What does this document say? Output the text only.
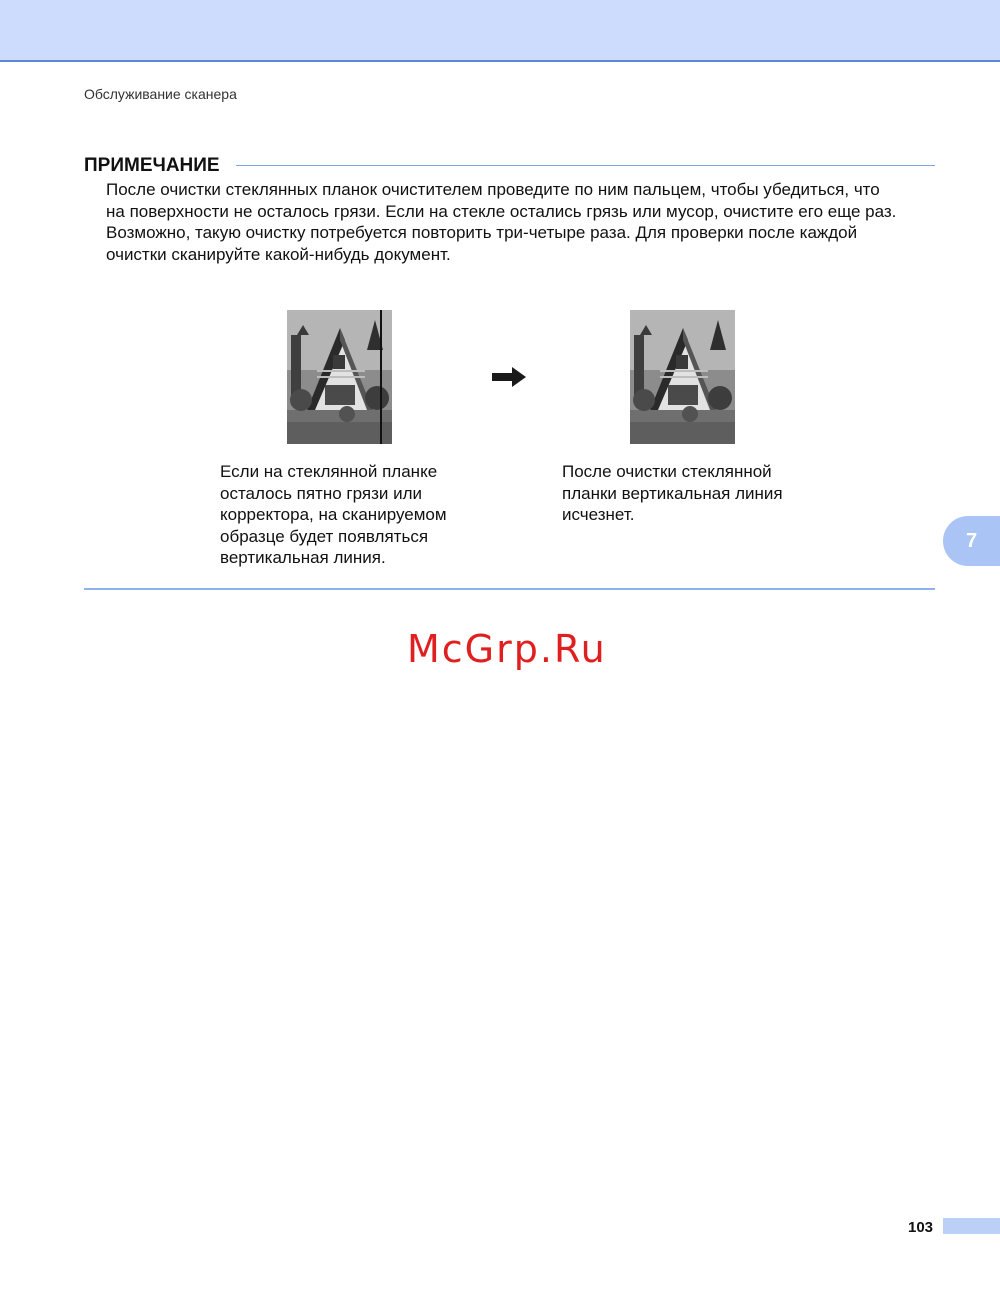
Обслуживание сканера
ПРИМЕЧАНИЕ

После очистки стеклянных планок очистителем проведите по ним пальцем, чтобы убедиться, что

на поверхности не осталось грязи. Если на стекле остались грязь или мусор, очистите его еще раз.

Возможно, такую очистку потребуется повторить три-четыре раза. Для проверки после каждой

очистки сканируйте какой-нибудь документ.

Если на стеклянной планке
осталось пятно грязи или
корректора, на сканируемом
образце будет появляться
вертикальная линия.
После очистки стеклянной
планки вертикальная линия
исчезнет.
7
McGrp.Ru
103
